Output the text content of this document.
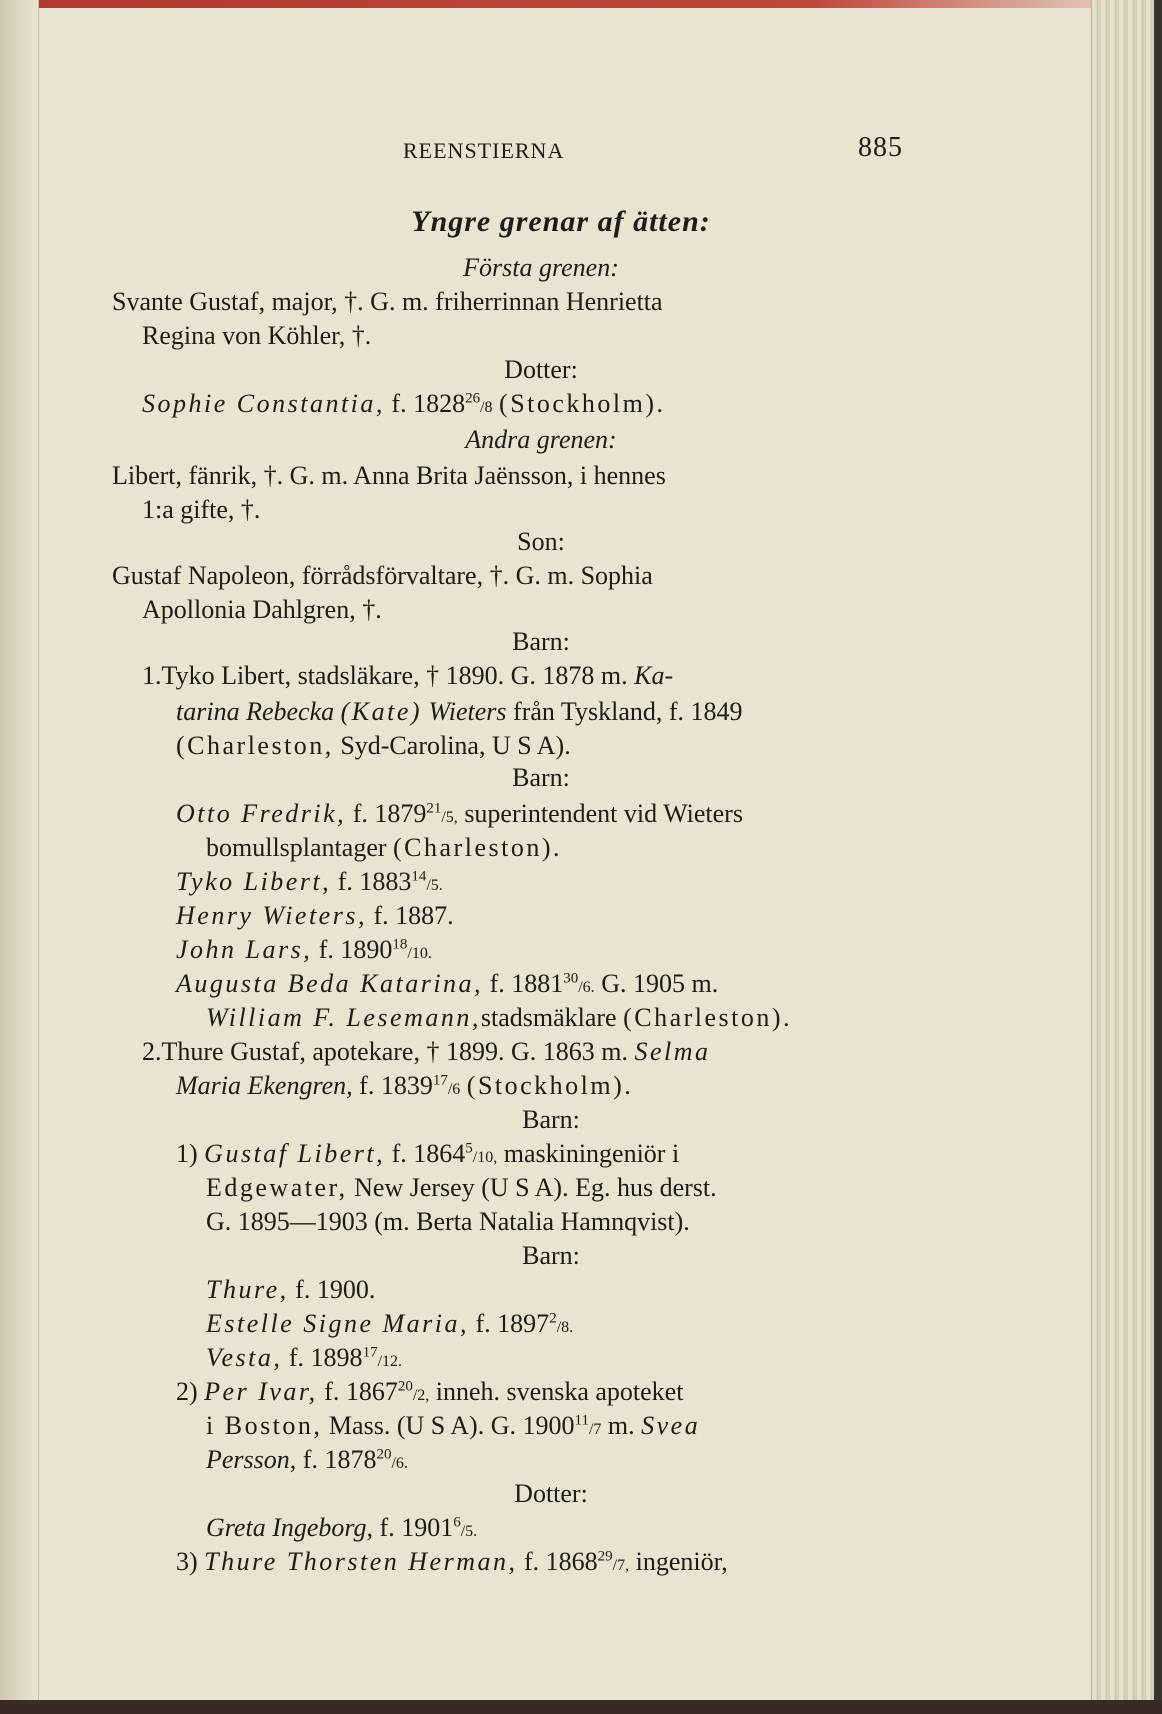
REENSTIERNA	885
Yngre grenar af ätten:
Första grenen:
Svante Gustaf, major, †. G. m. friherrinnan Henrietta
Regina von Köhler, †.
Dotter:
Sophie Constantia, f. 1828$^{26}$/8 (Stockholm).
Andra grenen:
Libert, fänrik, †. G. m. Anna Brita Jaënsson, i hennes
1:a gifte, †.
Son:
Gustaf Napoleon, förrådsförvaltare, †. G. m. Sophia
Apollonia Dahlgren, †.
Barn:
1.Tyko Libert, stadsläkare, † 1890. G. 1878 m. Ka-
tarina Rebecka (Kate) Wieters från Tyskland, f. 1849
(Charleston, Syd-Carolina, U S A).
Barn:
Otto Fredrik, f. 1879$^{21}$/5, superintendent vid Wieters
bomullsplantager (Charleston).
Tyko Libert, f. 1883$^{14}$/5.
Henry Wieters, f. 1887.
John Lars, f. 1890$^{18}$/10.
Augusta Beda Katarina, f. 1881$^{30}$/6. G. 1905 m.
William F. Lesemann,stadsmäklare (Charleston).
2.Thure Gustaf, apotekare, † 1899. G. 1863 m. Selma
Maria Ekengren, f. 1839$^{17}$/6 (Stockholm).
Barn:
1) Gustaf Libert, f. 1864$^5$/10, maskiningeniör i
Edgewater, New Jersey (U S A). Eg. hus derst.
G. 1895—1903 (m. Berta Natalia Hamnqvist).
Barn:
Thure, f. 1900.
Estelle Signe Maria, f. 1897$^2$/8.
Vesta, f. 1898$^{17}$/12.
2) Per Ivar, f. 1867$^{20}$/2, inneh. svenska apoteket
i Boston, Mass. (U S A). G. 1900$^{11}$/7 m. Svea
Persson, f. 1878$^{20}$/6.
Dotter:
Greta Ingeborg, f. 1901$^6$/5.
3) Thure Thorsten Herman, f. 1868$^{29}$/7, ingeniör,
